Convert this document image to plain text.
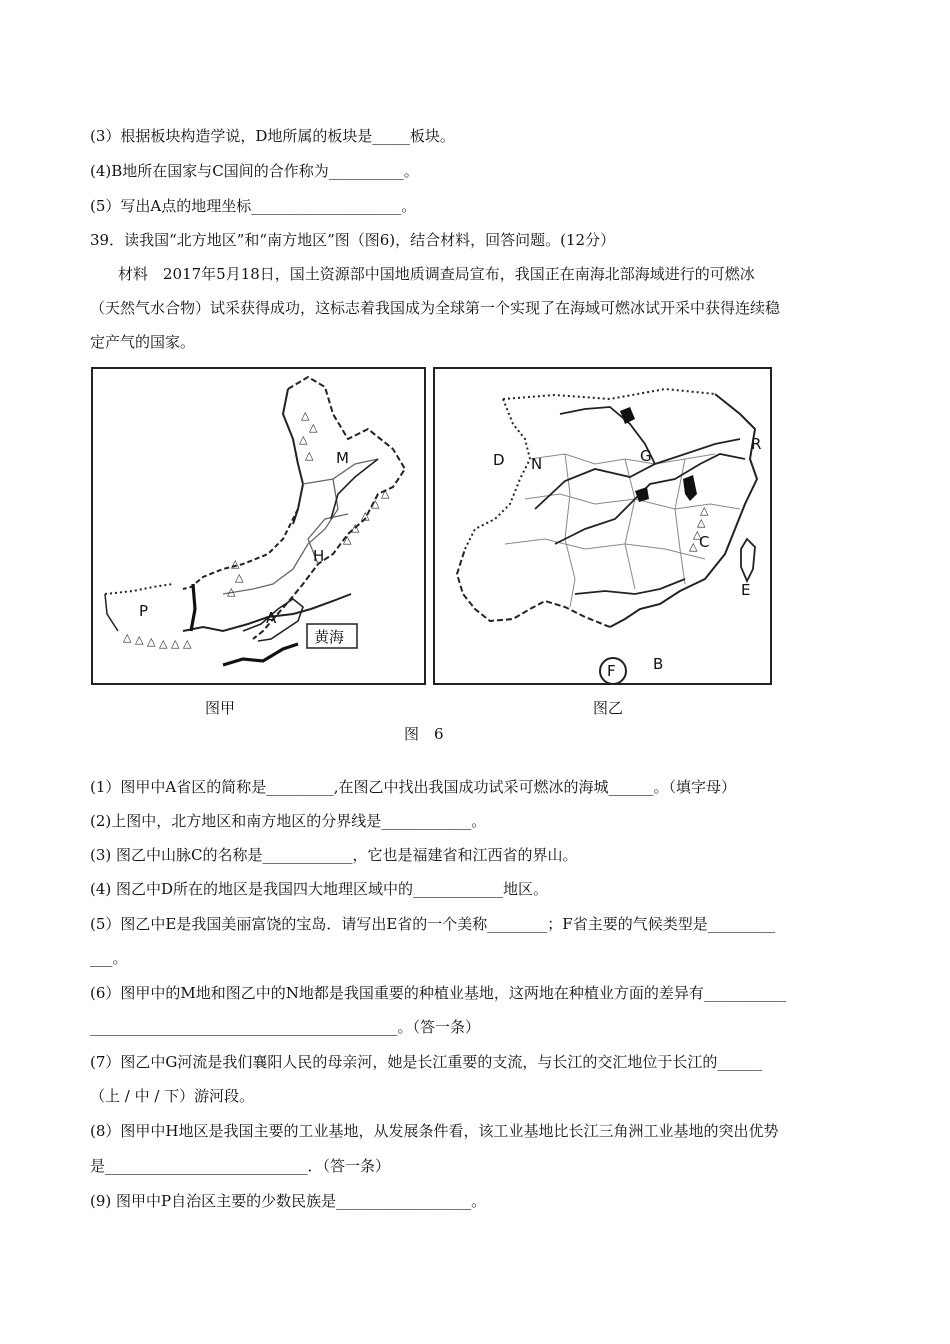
(3）根据板块构造学说，D地所属的板块是_____板块。
(4)B地所在国家与C国间的合作称为__________。
(5）写出A点的地理坐标____________________。
39．读我国“北方地区”和“南方地区”图（图6)，结合材料，回答问题。(12分）
材料　2017年5月18日，国土资源部中国地质调查局宣布，我国正在南海北部海域进行的可燃冰
（天然气水合物）试采获得成功，这标志着我国成为全球第一个实现了在海域可燃冰试开采中获得连续稳
定产气的国家。
△
△
△
△
△
△
△
△
△
△
△
△
△ △ △ △ △ △	黄海
M
H
A
P
△
△
△
△
D N	G
R
C
E
B
F
图甲	图乙
图　6
(1）图甲中A省区的简称是_________,在图乙中找出我国成功试采可燃冰的海城______。（填字母）
(2)上图中，北方地区和南方地区的分界线是____________。
(3) 图乙中山脉C的名称是____________，它也是福建省和江西省的界山。
(4) 图乙中D所在的地区是我国四大地理区域中的____________地区。
(5）图乙中E是我国美丽富饶的宝岛．请写出E省的一个美称________；F省主要的气候类型是_________
___。
(6）图甲中的M地和图乙中的N地都是我国重要的种植业基地，这两地在种植业方面的差异有___________
_________________________________________。（答一条）
(7）图乙中G河流是我们襄阳人民的母亲河，她是长江重要的支流，与长江的交汇地位于长江的______
（上 / 中 / 下）游河段。
(8）图甲中H地区是我国主要的工业基地，从发展条件看，该工业基地比长江三角洲工业基地的突出优势
是___________________________．（答一条）
(9) 图甲中P自治区主要的少数民族是__________________。
